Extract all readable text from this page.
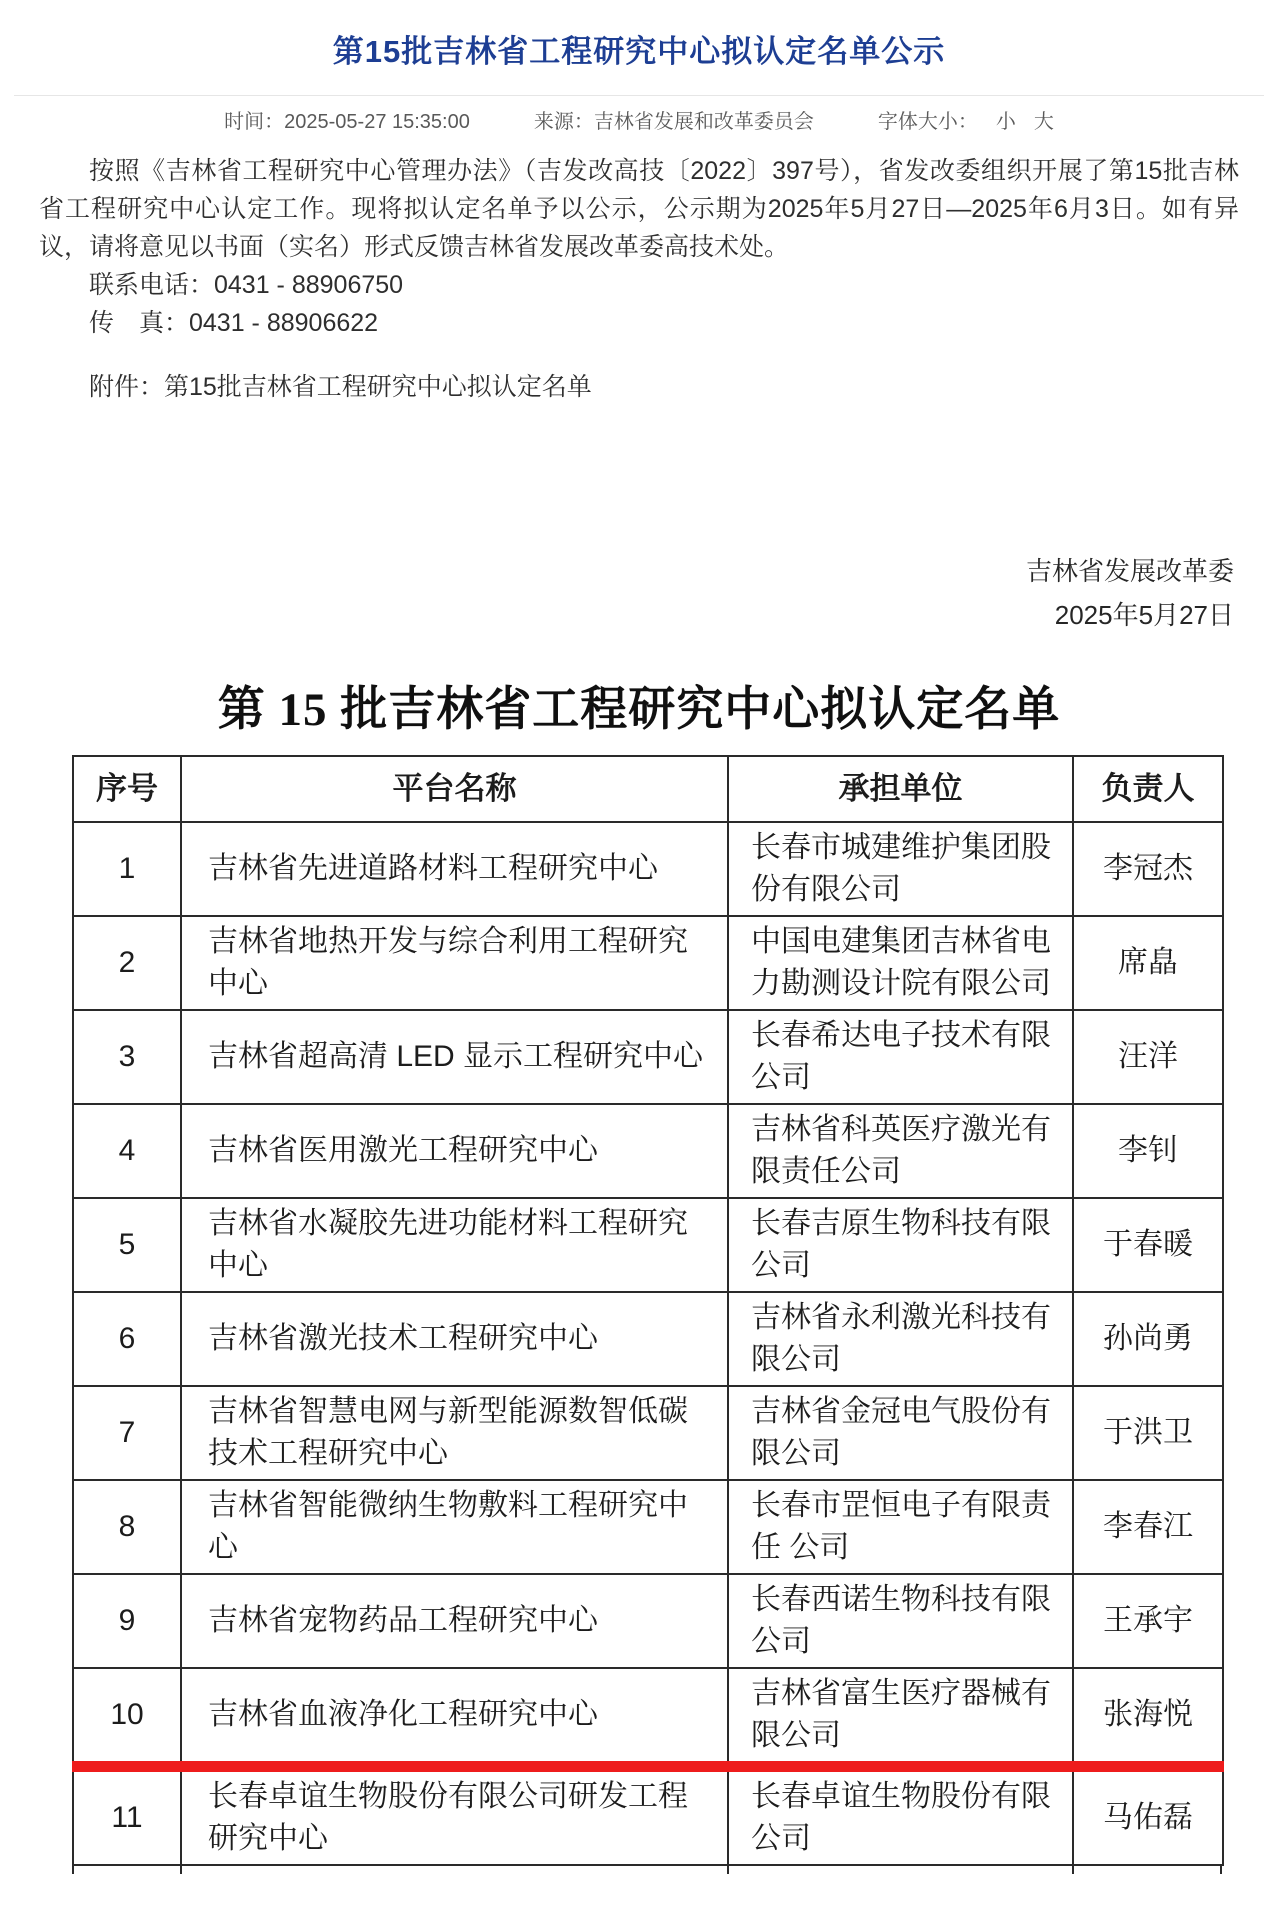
第15批吉林省工程研究中心拟认定名单公示
时间：2025-05-27 15:35:00	来源：吉林省发展和改革委员会	字体大小： 小 大

按照《吉林省工程研究中心管理办法》（吉发改高技〔2022〕397号），省发改委组织开展了第15批吉林省工程研究中心认定工作。现将拟认定名单予以公示，公示期为2025年5月27日—2025年6月3日。如有异议，请将意见以书面（实名）形式反馈吉林省发展改革委高技术处。

联系电话：0431 - 88906750

传　真：0431 - 88906622

附件：第15批吉林省工程研究中心拟认定名单

吉林省发展改革委

2025年5月27日

第 15 批吉林省工程研究中心拟认定名单
序号	平台名称	承担单位	负责人
1	吉林省先进道路材料工程研究中心	长春市城建维护集团股份有限公司	李冠杰
2	吉林省地热开发与综合利用工程研究中心	中国电建集团吉林省电力勘测设计院有限公司	席皛
3	吉林省超高清 LED 显示工程研究中心	长春希达电子技术有限公司	汪洋
4	吉林省医用激光工程研究中心	吉林省科英医疗激光有限责任公司	李钊
5	吉林省水凝胶先进功能材料工程研究中心	长春吉原生物科技有限公司	于春暖
6	吉林省激光技术工程研究中心	吉林省永利激光科技有限公司	孙尚勇
7	吉林省智慧电网与新型能源数智低碳技术工程研究中心	吉林省金冠电气股份有限公司	于洪卫
8	吉林省智能微纳生物敷料工程研究中心	长春市罡恒电子有限责任 公司	李春江
9	吉林省宠物药品工程研究中心	长春西诺生物科技有限公司	王承宇
10	吉林省血液净化工程研究中心	吉林省富生医疗器械有限公司	张海悦
11	长春卓谊生物股份有限公司研发工程研究中心	长春卓谊生物股份有限公司	马佑磊
